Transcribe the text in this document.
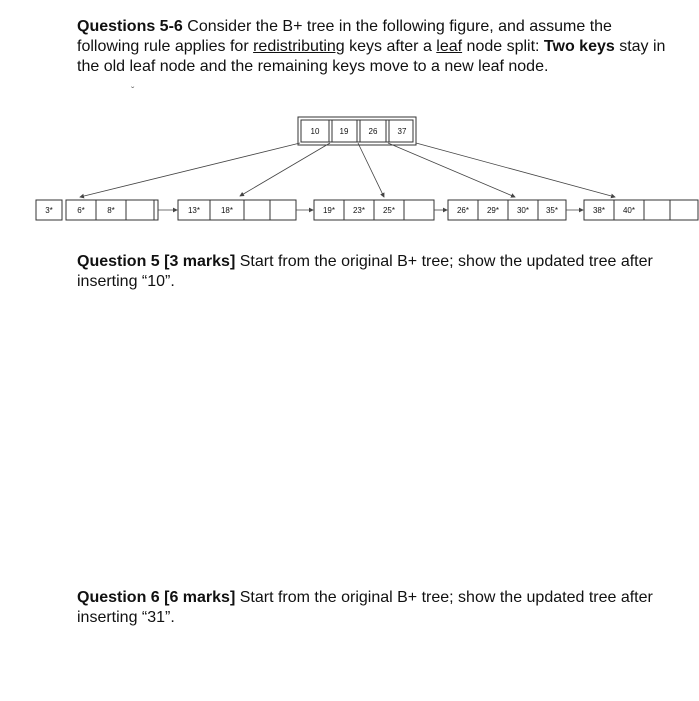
Questions 5-6 Consider the B+ tree in the following figure, and assume the following rule applies for redistributing keys after a leaf node split: Two keys stay in the old leaf node and the remaining keys move to a new leaf node.
ˇ
10	19	26	37
3*	6*	8*	13*	18*	19* 23* 25*	26* 29* 30* 35*	38* 40*
Question 5 [3 marks] Start from the original B+ tree; show the updated tree after inserting “10”.
Question 6 [6 marks] Start from the original B+ tree; show the updated tree after inserting “31”.
